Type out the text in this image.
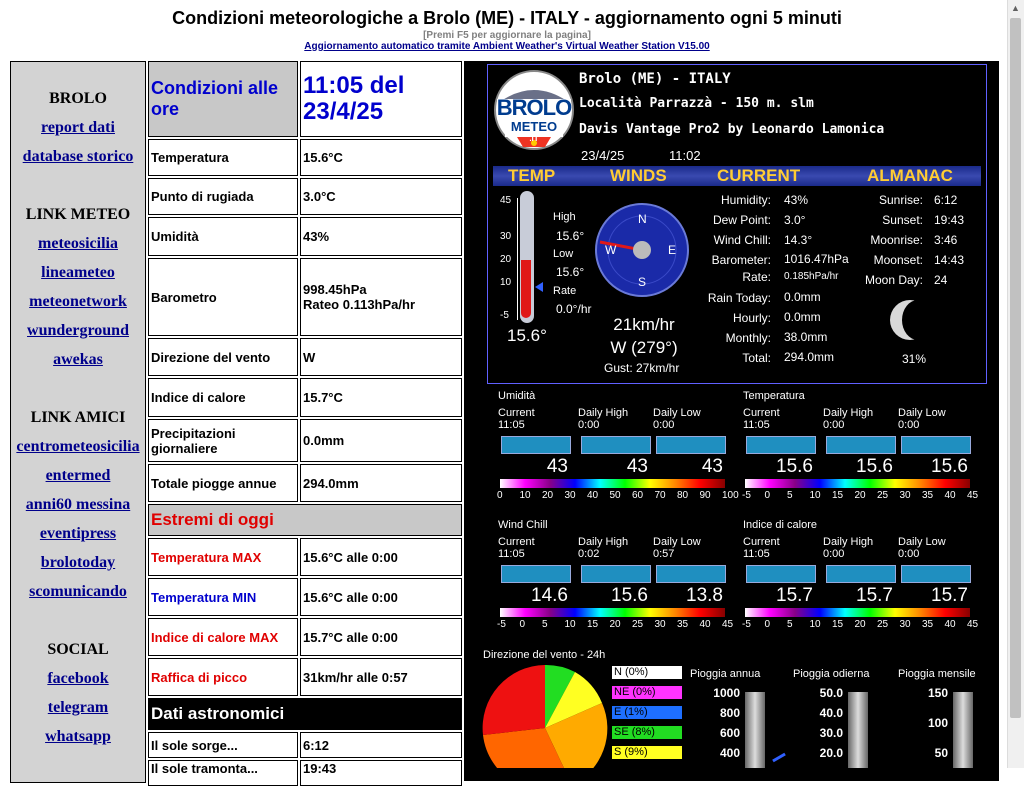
Condizioni meteorologiche a Brolo (ME) - ITALY - aggiornamento ogni 5 minuti
[Premi F5 per aggiornare la pagina]
Aggiornamento automatico tramite Ambient Weather's Virtual Weather Station V15.00
BROLO
report dati
database storico
LINK METEO
meteosicilia
lineameteo
meteonetwork
wunderground
awekas
LINK AMICI
centrometeosicilia
entermed
anni60 messina
eventipress
brolotoday
scomunicando
SOCIAL
facebook
telegram
whatsapp
Condizioni alle ore
11:05 del 23/4/25
Temperatura	15.6°C
Punto di rugiada	3.0°C
Umidità	43%
Barometro	998.45hPa
Rateo 0.113hPa/hr
Direzione del vento	W
Indice di calore	15.7°C
Precipitazioni giornaliere	0.0mm
Totale piogge annue	294.0mm
Estremi di oggi
Temperatura MAX	15.6°C alle 0:00
Temperatura MIN	15.6°C alle 0:00
Indice di calore MAX	15.7°C alle 0:00
Raffica di picco	31km/hr alle 0:57
Dati astronomici
Il sole sorge...	6:12
Il sole tramonta...	19:43
BROLO
METEO
.IT
Brolo (ME) - ITALY
Località Parrazzà - 150 m. slm
Davis Vantage Pro2 by Leonardo Lamonica
23/4/25	11:02
TEMP	WINDS	CURRENT	ALMANAC
45
30
20
10
-5
High
15.6°
Low
15.6°
Rate
0.0°/hr
15.6°
N
E
S
W
21km/hr
W (279°)
Gust: 27km/hr
Humidity: 43%
Dew Point: 3.0°
Wind Chill: 14.3°
Barometer: 1016.47hPa
Rate: 0.185hPa/hr
Rain Today: 0.0mm
Hourly: 0.0mm
Monthly: 38.0mm
Total: 294.0mm
Sunrise: 6:12
Sunset: 19:43
Moonrise: 3:46
Moonset: 14:43
Moon Day: 24
31%
Umidità
Current
11:05
43
Daily High
0:00
43
Daily Low
0:00
43
0 10 20 30 40 50 60 70 80 90 100
Temperatura
Current
11:05
15.6
Daily High
0:00
15.6
Daily Low
0:00
15.6
-5 0 5 10 15 20 25 30 35 40 45
Wind Chill
Current
11:05
14.6
Daily High
0:02
15.6
Daily Low
0:57
13.8
-5 0 5 10 15 20 25 30 35 40 45
Indice di calore
Current
11:05
15.7
Daily High
0:00
15.7
Daily Low
0:00
15.7
-5 0 5 10 15 20 25 30 35 40 45
Direzione del vento - 24h
N (0%)
NE (0%)
E (1%)
SE (8%)
S (9%)
Pioggia annua
1000
800
600
400
Pioggia odierna
50.0
40.0
30.0
20.0
Pioggia mensile
150
100
50
▲
